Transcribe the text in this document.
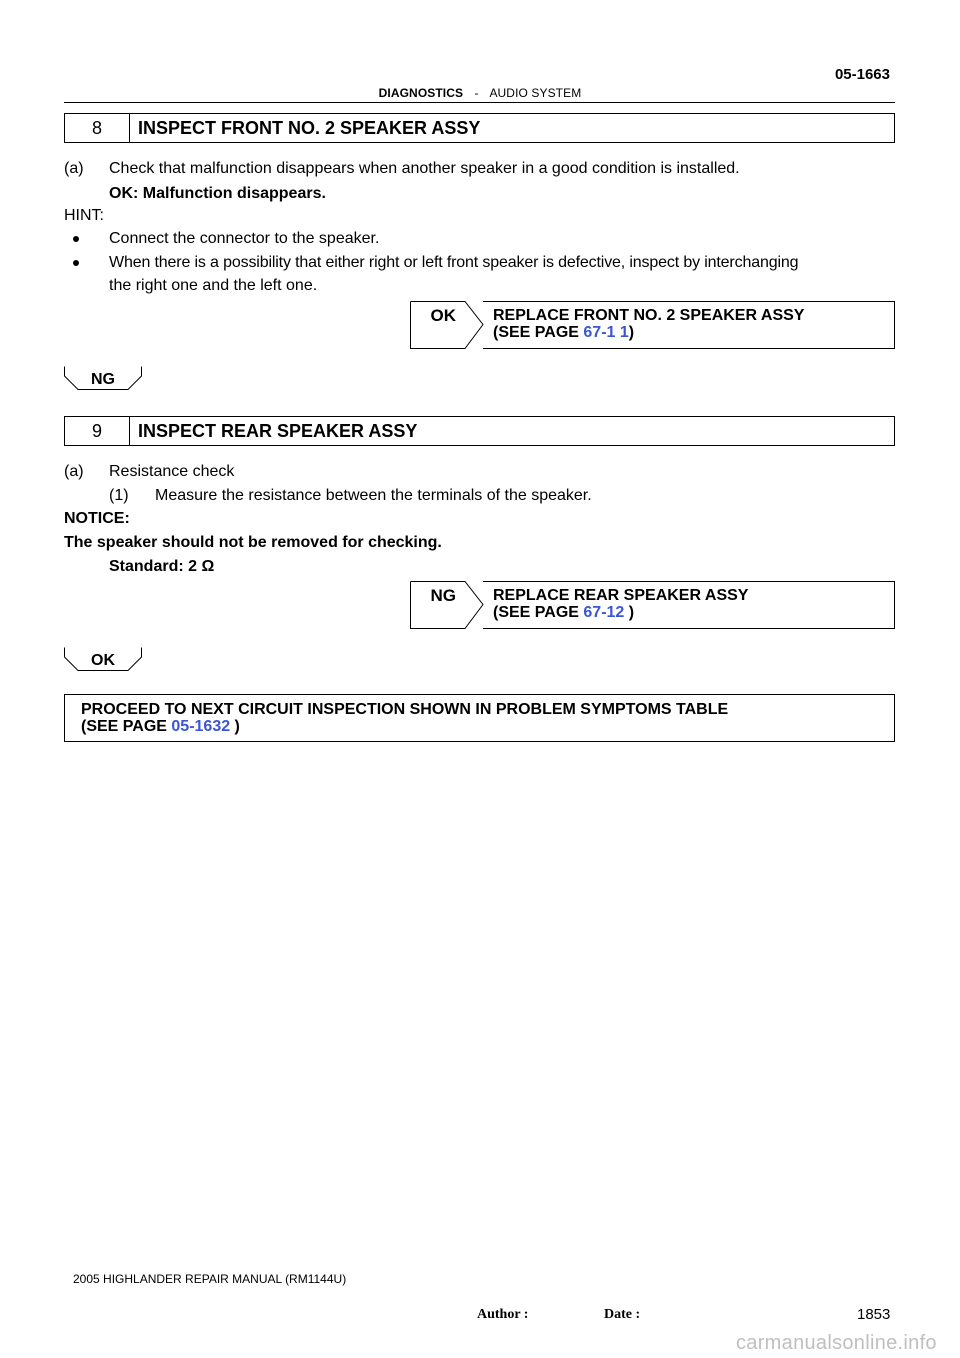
05-1663
DIAGNOSTICS - AUDIO SYSTEM
8	INSPECT FRONT NO. 2 SPEAKER ASSY
(a) Check that malfunction disappears when another speaker in a good condition is installed.
OK: Malfunction disappears.
HINT:
Connect the connector to the speaker.
When there is a possibility that either right or left front speaker is defective, inspect by interchanging
the right one and the left one.
OK REPLACE FRONT NO. 2 SPEAKER ASSY
(SEE PAGE 67-1 1)
NG
9	INSPECT REAR SPEAKER ASSY
(a) Resistance check
(1) Measure the resistance between the terminals of the speaker.
NOTICE:
The speaker should not be removed for checking.
Standard: 2 Ω
NG REPLACE REAR SPEAKER ASSY
(SEE PAGE 67-12 )
OK
PROCEED TO NEXT CIRCUIT INSPECTION SHOWN IN PROBLEM SYMPTOMS TABLE
(SEE PAGE 05-1632 )
2005 HIGHLANDER REPAIR MANUAL (RM1144U)
Author :	Date :	1853
carmanualsonline.info
